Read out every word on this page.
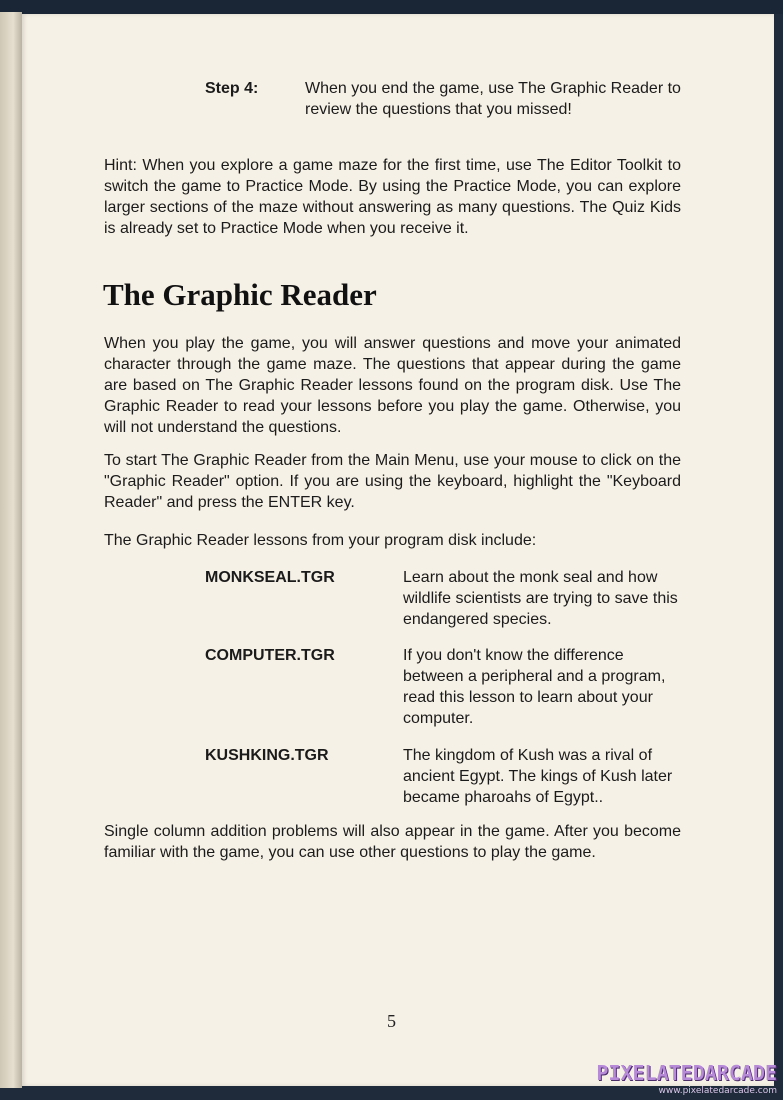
Step 4:	When you end the game, use The Graphic Reader to review the questions that you missed!

Hint: When you explore a game maze for the first time, use The Editor Toolkit to switch the game to Practice Mode. By using the Practice Mode, you can explore larger sections of the maze without answering as many questions. The Quiz Kids is already set to Practice Mode when you receive it.

The Graphic Reader

When you play the game, you will answer questions and move your animated character through the game maze. The questions that appear during the game are based on The Graphic Reader lessons found on the program disk. Use The Graphic Reader to read your lessons before you play the game. Otherwise, you will not understand the questions.

To start The Graphic Reader from the Main Menu, use your mouse to click on the "Graphic Reader" option. If you are using the keyboard, highlight the "Keyboard Reader" and press the ENTER key.

The Graphic Reader lessons from your program disk include:

MONKSEAL.TGR	Learn about the monk seal and how wildlife scientists are trying to save this endangered species.
COMPUTER.TGR	If you don't know the difference between a peripheral and a program, read this lesson to learn about your computer.
KUSHKING.TGR	The kingdom of Kush was a rival of ancient Egypt. The kings of Kush later became pharoahs of Egypt..

Single column addition problems will also appear in the game. After you become familiar with the game, you can use other questions to play the game.

5
PIXELATEDARCADE
www.pixelatedarcade.com
